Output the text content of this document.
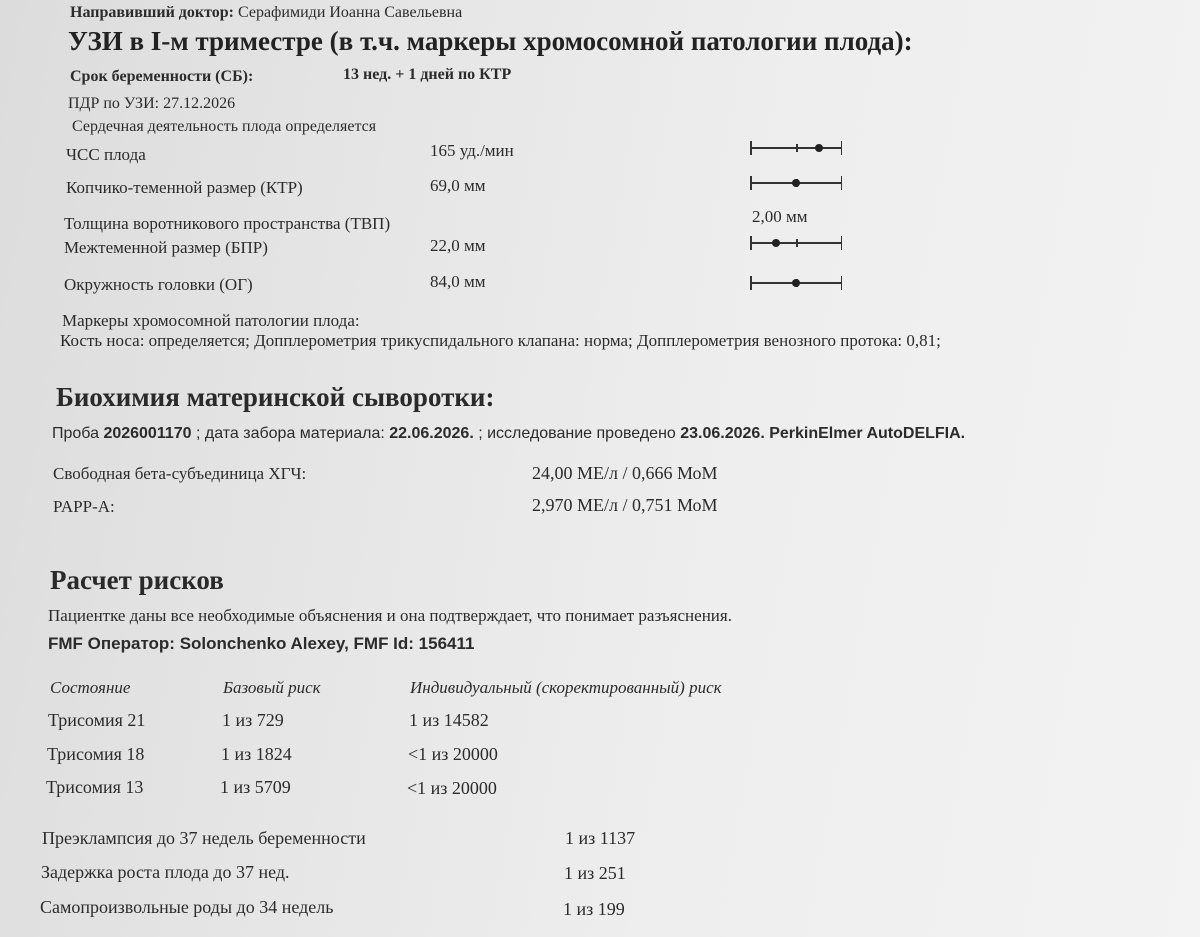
Направивший доктор: Серафимиди Иоанна Савельевна
УЗИ в I-м триместре (в т.ч. маркеры хромосомной патологии плода):
Срок беременности (СБ):	13 нед. + 1 дней по КТР
ПДР по УЗИ: 27.12.2026
Сердечная деятельность плода определяется
ЧСС плода	165 уд./мин
Копчико-теменной размер (КТР)	69,0 мм
Толщина воротникового пространства (ТВП)	2,00 мм
Межтеменной размер (БПР)	22,0 мм
Окружность головки (ОГ)	84,0 мм
Маркеры хромосомной патологии плода:
Кость носа: определяется; Допплерометрия трикуспидального клапана: норма; Допплерометрия венозного протока: 0,81;
Биохимия материнской сыворотки:
Проба 2026001170 ; дата забора материала: 22.06.2026. ; исследование проведено 23.06.2026. PerkinElmer AutoDELFIA.
Свободная бета-субъединица ХГЧ:	24,00 МЕ/л / 0,666 МоМ
PAPP-A:	2,970 МЕ/л / 0,751 МоМ
Расчет рисков
Пациентке даны все необходимые объяснения и она подтверждает, что понимает разъяснения.
FMF Оператор: Solonchenko Alexey, FMF Id: 156411
Состояние	Базовый риск	Индивидуальный (скоректированный) риск
Трисомия 21	1 из 729	1 из 14582
Трисомия 18	1 из 1824	<1 из 20000
Трисомия 13	1 из 5709	<1 из 20000
Преэклампсия до 37 недель беременности	1 из 1137
Задержка роста плода до 37 нед.	1 из 251
Самопроизвольные роды до 34 недель	1 из 199
